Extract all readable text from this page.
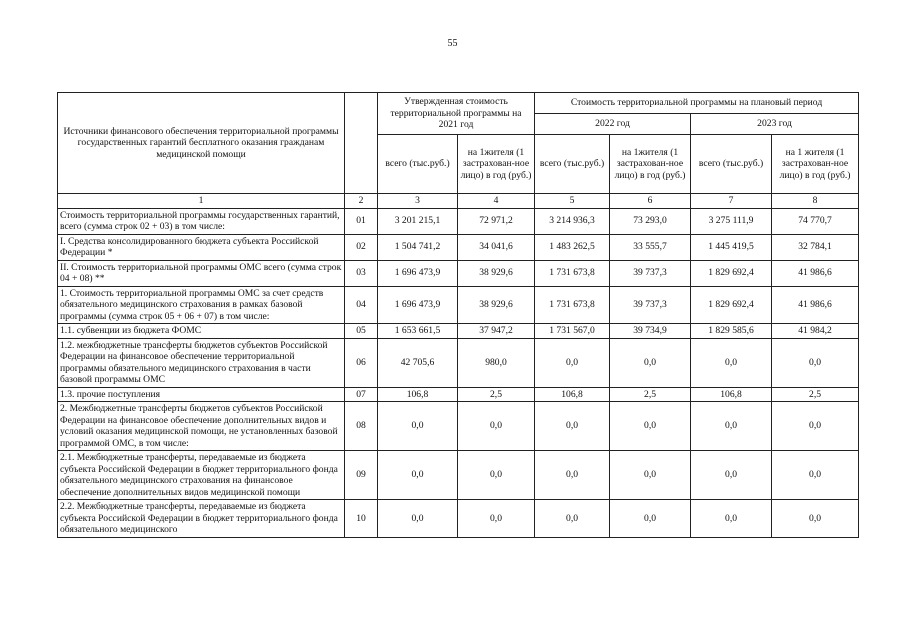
55
Источники финансового обеспечения территориальной программы государственных гарантий бесплатного оказания гражданам медицинской помощи		Утвержденная стоимость территориальной программы на 2021 год		Стоимость территориальной программы на плановый период			
				2022 год		2023 год	
		всего (тыс.руб.)	на 1жителя (1 застрахован-ное лицо) в год (руб.)	всего (тыс.руб.)	на 1жителя (1 застрахован-ное лицо) в год (руб.)	всего (тыс.руб.)	на 1 жителя (1 застрахован-ное лицо) в год (руб.)
1	2	3	4	5	6	7	8
Стоимость территориальной программы государственных гарантий, всего (сумма строк 02 + 03) в том числе:	01	3 201 215,1	72 971,2	3 214 936,3	73 293,0	3 275 111,9	74 770,7
I. Средства консолидированного бюджета субъекта Российской Федерации *	02	1 504 741,2	34 041,6	1 483 262,5	33 555,7	1 445 419,5	32 784,1
II. Стоимость территориальной программы ОМС всего (сумма строк 04 + 08) **	03	1 696 473,9	38 929,6	1 731 673,8	39 737,3	1 829 692,4	41 986,6
1. Стоимость территориальной программы ОМС за счет средств обязательного медицинского страхования в рамках базовой программы (сумма строк 05 + 06 + 07) в том числе:	04	1 696 473,9	38 929,6	1 731 673,8	39 737,3	1 829 692,4	41 986,6
1.1. субвенции из бюджета ФОМС	05	1 653 661,5	37 947,2	1 731 567,0	39 734,9	1 829 585,6	41 984,2
1.2. межбюджетные трансферты бюджетов субъектов Российской Федерации на финансовое обеспечение территориальной программы обязательного медицинского страхования в части базовой программы ОМС	06	42 705,6	980,0	0,0	0,0	0,0	0,0
1.3. прочие поступления	07	106,8	2,5	106,8	2,5	106,8	2,5
2. Межбюджетные трансферты бюджетов субъектов Российской Федерации на финансовое обеспечение дополнительных видов и условий оказания медицинской помощи, не установленных базовой программой ОМС, в том числе:	08	0,0	0,0	0,0	0,0	0,0	0,0
2.1. Межбюджетные трансферты, передаваемые из бюджета субъекта Российской Федерации в бюджет территориального фонда обязательного медицинского страхования на финансовое обеспечение дополнительных видов медицинской помощи	09	0,0	0,0	0,0	0,0	0,0	0,0
2.2. Межбюджетные трансферты, передаваемые из бюджета субъекта Российской Федерации в бюджет территориального фонда обязательного медицинского	10	0,0	0,0	0,0	0,0	0,0	0,0
